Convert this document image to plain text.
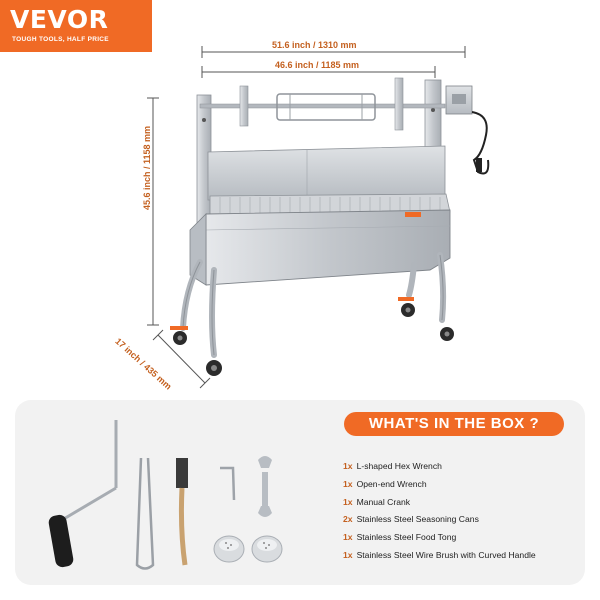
VEVOR
TOUGH TOOLS, HALF PRICE
51.6 inch / 1310 mm
46.6 inch / 1185 mm
45.6 inch / 1158 mm
17 inch / 435 mm
WHAT'S IN THE BOX ?
1x L-shaped Hex Wrench
1x Open-end Wrench
1x Manual Crank
2x Stainless Steel Seasoning Cans
1x Stainless Steel Food Tong
1x Stainless Steel Wire Brush with Curved Handle
